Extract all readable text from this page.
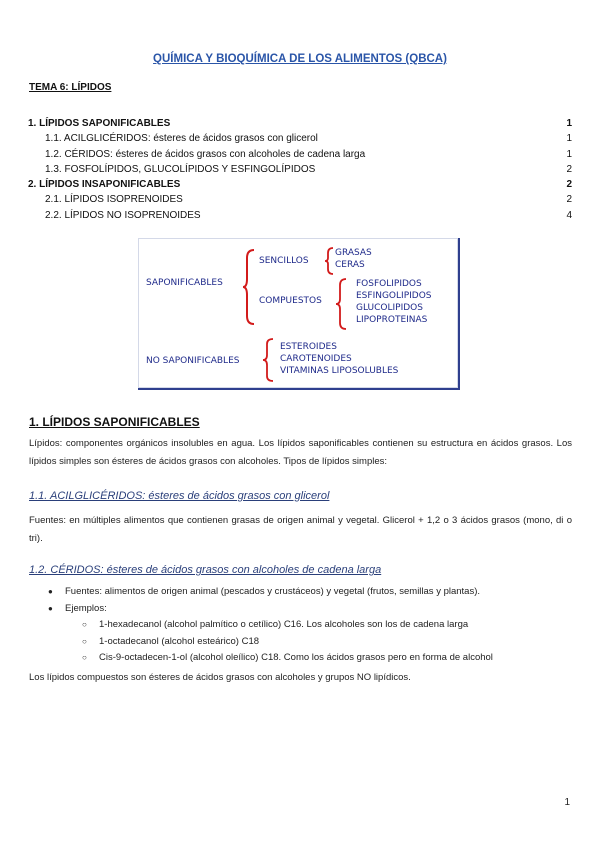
QUÍMICA Y BIOQUÍMICA DE LOS ALIMENTOS (QBCA)
TEMA 6: LÍPIDOS
1. LÍPIDOS SAPONIFICABLES	1
1.1. ACILGLICÉRIDOS: ésteres de ácidos grasos con glicerol	1
1.2. CÉRIDOS: ésteres de ácidos grasos con alcoholes de cadena larga	1
1.3. FOSFOLÍPIDOS, GLUCOLÍPIDOS Y ESFINGOLÍPIDOS	2
2. LÍPIDOS INSAPONIFICABLES	2
2.1. LÍPIDOS ISOPRENOIDES	2
2.2. LÍPIDOS NO ISOPRENOIDES	4
SAPONIFICABLES
SENCILLOS
GRASAS
CERAS
COMPUESTOS
FOSFOLIPIDOS
ESFINGOLIPIDOS
GLUCOLIPIDOS
LIPOPROTEINAS
NO SAPONIFICABLES
ESTEROIDES
CAROTENOIDES
VITAMINAS LIPOSOLUBLES
1. LÍPIDOS SAPONIFICABLES
Lípidos: componentes orgánicos insolubles en agua. Los lípidos saponificables contienen su estructura en ácidos grasos. Los lípidos simples son ésteres de ácidos grasos con alcoholes. Tipos de lípidos simples:
1.1. ACILGLICÉRIDOS: ésteres de ácidos grasos con glicerol
Fuentes: en múltiples alimentos que contienen grasas de origen animal y vegetal. Glicerol + 1,2 o 3 ácidos grasos (mono, di o tri).
1.2. CÉRIDOS: ésteres de ácidos grasos con alcoholes de cadena larga
●	Fuentes: alimentos de origen animal (pescados y crustáceos) y vegetal (frutos, semillas y plantas).
●	Ejemplos:
○	1-hexadecanol (alcohol palmítico o cetílico) C16. Los alcoholes son los de cadena larga
○	1-octadecanol (alcohol esteárico) C18
○	Cis-9-octadecen-1-ol (alcohol oleílico) C18. Como los ácidos grasos pero en forma de alcohol
Los lípidos compuestos son ésteres de ácidos grasos con alcoholes y grupos NO lipídicos.
1
